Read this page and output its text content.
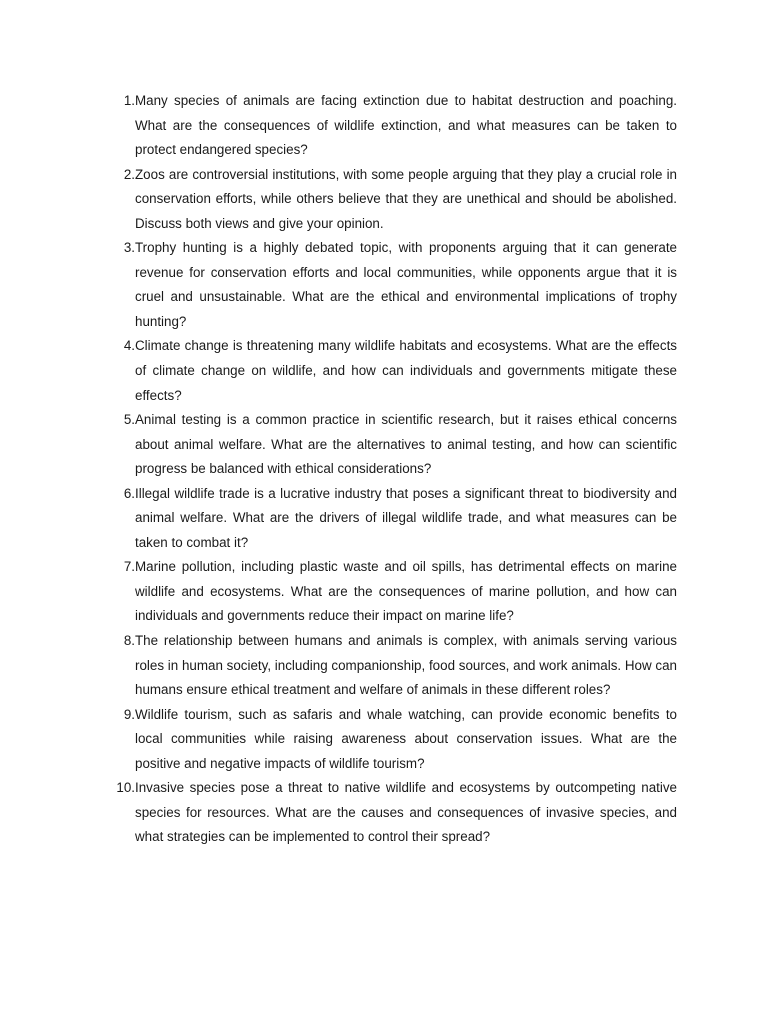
1. Many species of animals are facing extinction due to habitat destruction and poaching. What are the consequences of wildlife extinction, and what measures can be taken to protect endangered species?
2. Zoos are controversial institutions, with some people arguing that they play a crucial role in conservation efforts, while others believe that they are unethical and should be abolished. Discuss both views and give your opinion.
3. Trophy hunting is a highly debated topic, with proponents arguing that it can generate revenue for conservation efforts and local communities, while opponents argue that it is cruel and unsustainable. What are the ethical and environmental implications of trophy hunting?
4. Climate change is threatening many wildlife habitats and ecosystems. What are the effects of climate change on wildlife, and how can individuals and governments mitigate these effects?
5. Animal testing is a common practice in scientific research, but it raises ethical concerns about animal welfare. What are the alternatives to animal testing, and how can scientific progress be balanced with ethical considerations?
6. Illegal wildlife trade is a lucrative industry that poses a significant threat to biodiversity and animal welfare. What are the drivers of illegal wildlife trade, and what measures can be taken to combat it?
7. Marine pollution, including plastic waste and oil spills, has detrimental effects on marine wildlife and ecosystems. What are the consequences of marine pollution, and how can individuals and governments reduce their impact on marine life?
8. The relationship between humans and animals is complex, with animals serving various roles in human society, including companionship, food sources, and work animals. How can humans ensure ethical treatment and welfare of animals in these different roles?
9. Wildlife tourism, such as safaris and whale watching, can provide economic benefits to local communities while raising awareness about conservation issues. What are the positive and negative impacts of wildlife tourism?
10. Invasive species pose a threat to native wildlife and ecosystems by outcompeting native species for resources. What are the causes and consequences of invasive species, and what strategies can be implemented to control their spread?
